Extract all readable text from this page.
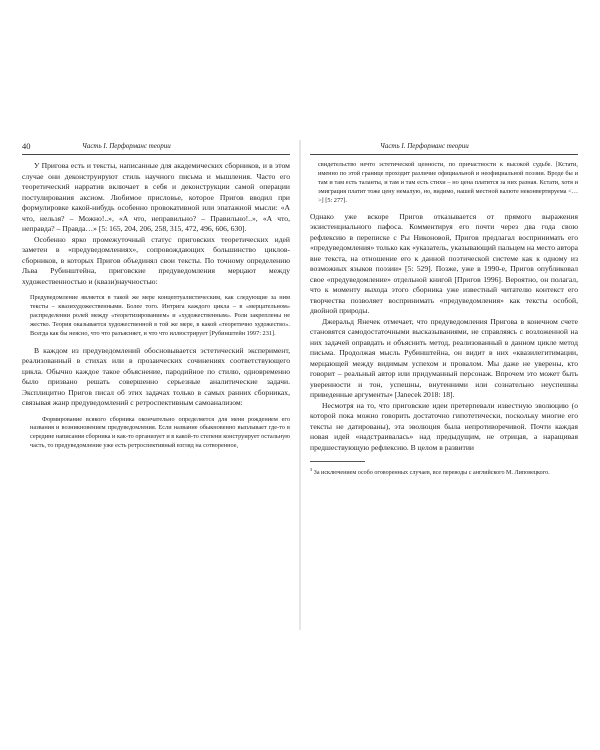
40	Часть I. Перформанс теории

У Пригова есть и тексты, написанные для академических сборников, и в этом случае они деконструируют стиль научного письма и мышления. Часто его теоретический нарратив включает в себя и деконструкции самой операции постулирования аксиом. Любимое присловье, которое Пригов вводил при формулировке какой-нибудь особенно провокативной или эпатажной мысли: «А что, нельзя? – Можно!..», «А что, неправильно? – Правильно!..», «А что, неправда? – Правда…» [5: 165, 204, 206, 258, 315, 472, 496, 606, 630].

Особенно ярко промежуточный статус приговских теоретических идей заметен в «предуведомлениях», сопровождающих большинство циклов-сборников, в которых Пригов объединял свои тексты. По точному определению Льва Рубинштейна, приговские предуведомления мерцают между художественностью и (квази)научностью:

Предуведомление является в такой же мере концептуалистическим, как следующие за ним тексты – квазихудожественными. Более того. Интрига каждого цикла – в «мерцательном» распределении ролей между «теоретизированием» и «художественным». Роли закреплены не жестко. Теория оказывается художественной в той же мере, в какой «теоретично художество». Всегда как бы неясно, что что разъясняет, и что что иллюстрирует [Рубинштейн 1997: 231].

В каждом из предуведомлений обосновывается эстетический эксперимент, реализованный в стихах или в прозаических сочинениях соответствующего цикла. Обычно каждое такое объяснение, пародийное по стилю, одновременно было призвано решать совершенно серьезные аналитические задачи. Эксплицитно Пригов писал об этих задачах только в самых ранних сборниках, связывая жанр предуведомлений с ретроспективным самоанализом:

Формирование всякого сборника окончательно определяется для меня рождением его названия и возникновением предуведомления. Если название обыкновенно выплывает где-то в середине написания сборника и как-то организует и в какой-то степени конструирует остальную часть, то предуведомление уже есть ретроспективный взгляд на сотворенное,

Часть I. Перформанс теории

свидетельство нечто эстетической ценности, по причастности к высокой судьбе. [Кстати, именно по этой границе проходит различие официальной и неофициальной поэзии. Вроде бы и там и там есть таланты, и там и там есть стихи – но цена платится за них разная. Кстати, хотя и эмиграция платит тоже цену немалую, но, видимо, нашей местной валюте неконвертируема <…>] [5: 277].

Однако уже вскоре Пригов отказывается от прямого выражения экзистенциального пафоса. Комментируя его почти через два года свою рефлексию в переписке с Ры Никоновой, Пригов предлагал воспринимать его «предуведомления» только как «указатель, указывающий пальцем на место автора вне текста, на отношение его к данной поэтической системе как к одному из возможных языков поэзии» [5: 529]. Позже, уже в 1990-е, Пригов опубликовал свое «предуведомление» отдельной книгой [Пригов 1996]. Вероятно, он полагал, что к моменту выхода этого сборника уже известный читателю контекст его творчества позволяет воспринимать «предуведомления» как тексты особой, двойной природы.

Джеральд Янечек отмечает, что предуведомления Пригова в конечном счете становятся самодостаточными высказываниями, не справляясь с возложенной на них задачей оправдать и объяснить метод, реализованный в данном цикле метод письма. Продолжая мысль Рубинштейна, он видит в них «квазилегитимации, мерцающей между видимым успехом и провалом. Мы даже не уверены, кто говорит – реальный автор или придуманный персонаж. Впрочем это может быть уверенности и тон, успешны, внутенними или сознательно неуспешны приведенные аргументы» [Janecek 2018: 18].

Несмотря на то, что приговские идеи претерпевали известную эволюцию (о которой пока можно говорить достаточно гипотетически, поскольку многие его тексты не датированы), эта эволюция была непротиворечивой. Почти каждая новая идей «надстраивалась» над предыдущим, не отрицая, а наращивая предшествующую рефлексию. В целом в развитии

$^3$ За исключением особо оговоренных случаев, все переводы с английского М. Липовецкого.
